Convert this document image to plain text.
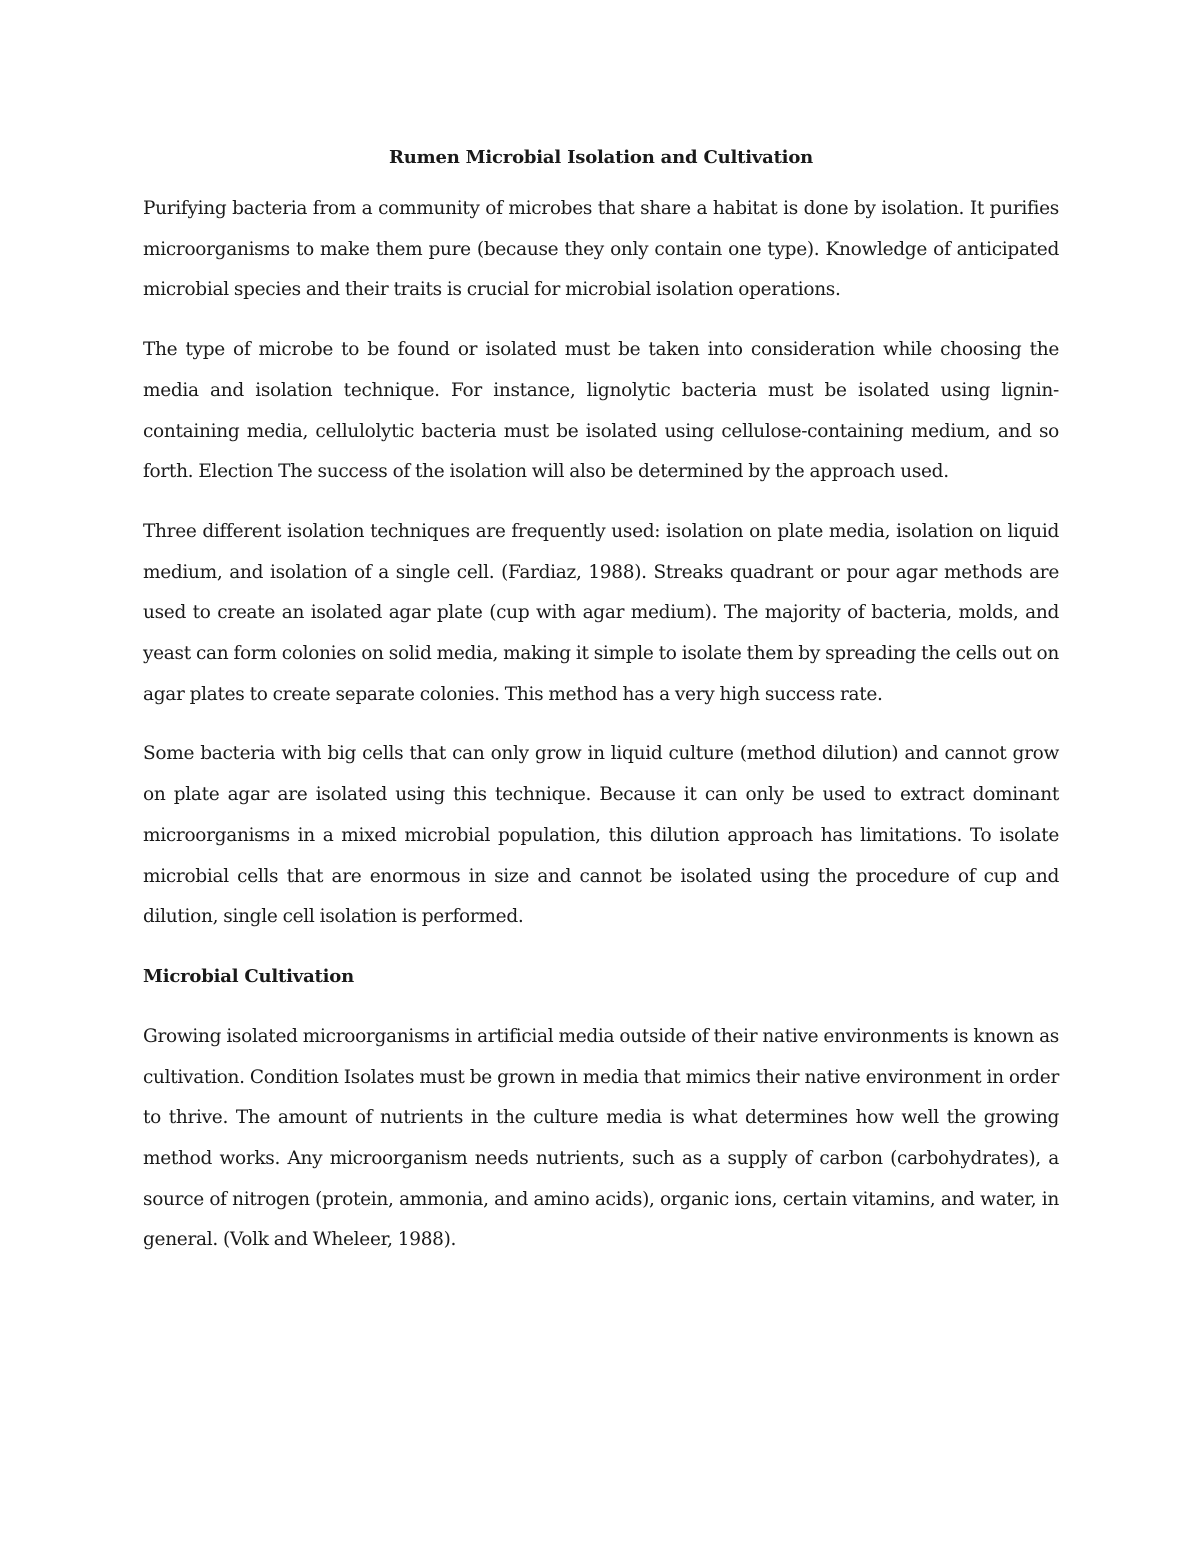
Rumen Microbial Isolation and Cultivation

Purifying bacteria from a community of microbes that share a habitat is done by isolation. It purifies microorganisms to make them pure (because they only contain one type). Knowledge of anticipated microbial species and their traits is crucial for microbial isolation operations.

The type of microbe to be found or isolated must be taken into consideration while choosing the media and isolation technique. For instance, lignolytic bacteria must be isolated using lignin-containing media, cellulolytic bacteria must be isolated using cellulose-containing medium, and so forth. Election The success of the isolation will also be determined by the approach used.

Three different isolation techniques are frequently used: isolation on plate media, isolation on liquid medium, and isolation of a single cell. (Fardiaz, 1988). Streaks quadrant or pour agar methods are used to create an isolated agar plate (cup with agar medium). The majority of bacteria, molds, and yeast can form colonies on solid media, making it simple to isolate them by spreading the cells out on agar plates to create separate colonies. This method has a very high success rate.

Some bacteria with big cells that can only grow in liquid culture (method dilution) and cannot grow on plate agar are isolated using this technique. Because it can only be used to extract dominant microorganisms in a mixed microbial population, this dilution approach has limitations. To isolate microbial cells that are enormous in size and cannot be isolated using the procedure of cup and dilution, single cell isolation is performed.

Microbial Cultivation

Growing isolated microorganisms in artificial media outside of their native environments is known as cultivation. Condition Isolates must be grown in media that mimics their native environment in order to thrive. The amount of nutrients in the culture media is what determines how well the growing method works. Any microorganism needs nutrients, such as a supply of carbon (carbohydrates), a source of nitrogen (protein, ammonia, and amino acids), organic ions, certain vitamins, and water, in general. (Volk and Wheleer, 1988).
